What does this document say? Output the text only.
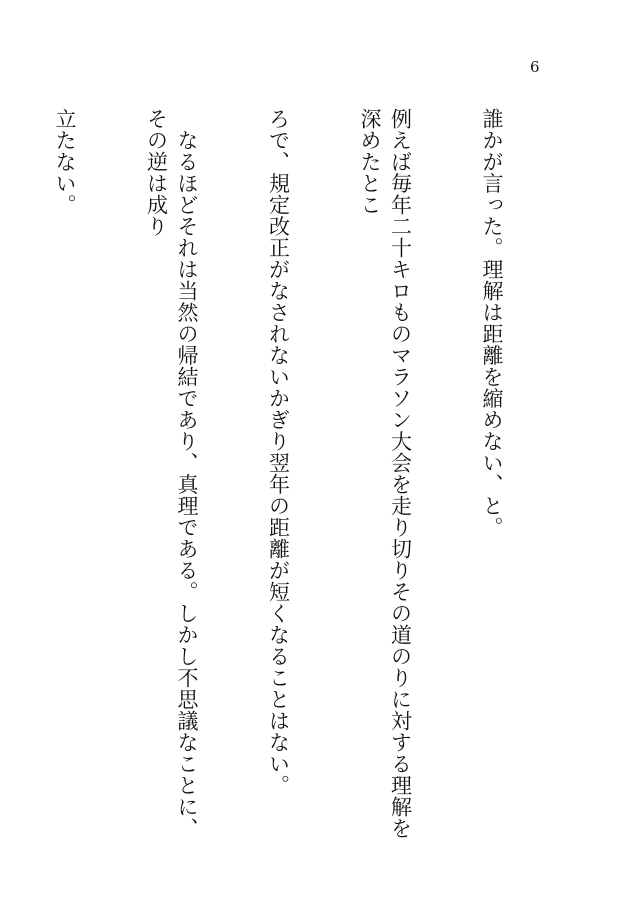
6

誰かが言った。理解は距離を縮めない、と。

例えば毎年二十キロものマラソン大会を走り切りその道のりに対する理解を深めたとこ

ろで、規定改正がなされないかぎり翌年の距離が短くなることはない。

　なるほどそれは当然の帰結であり、真理である。しかし不思議なことに、その逆は成り

立たない。
